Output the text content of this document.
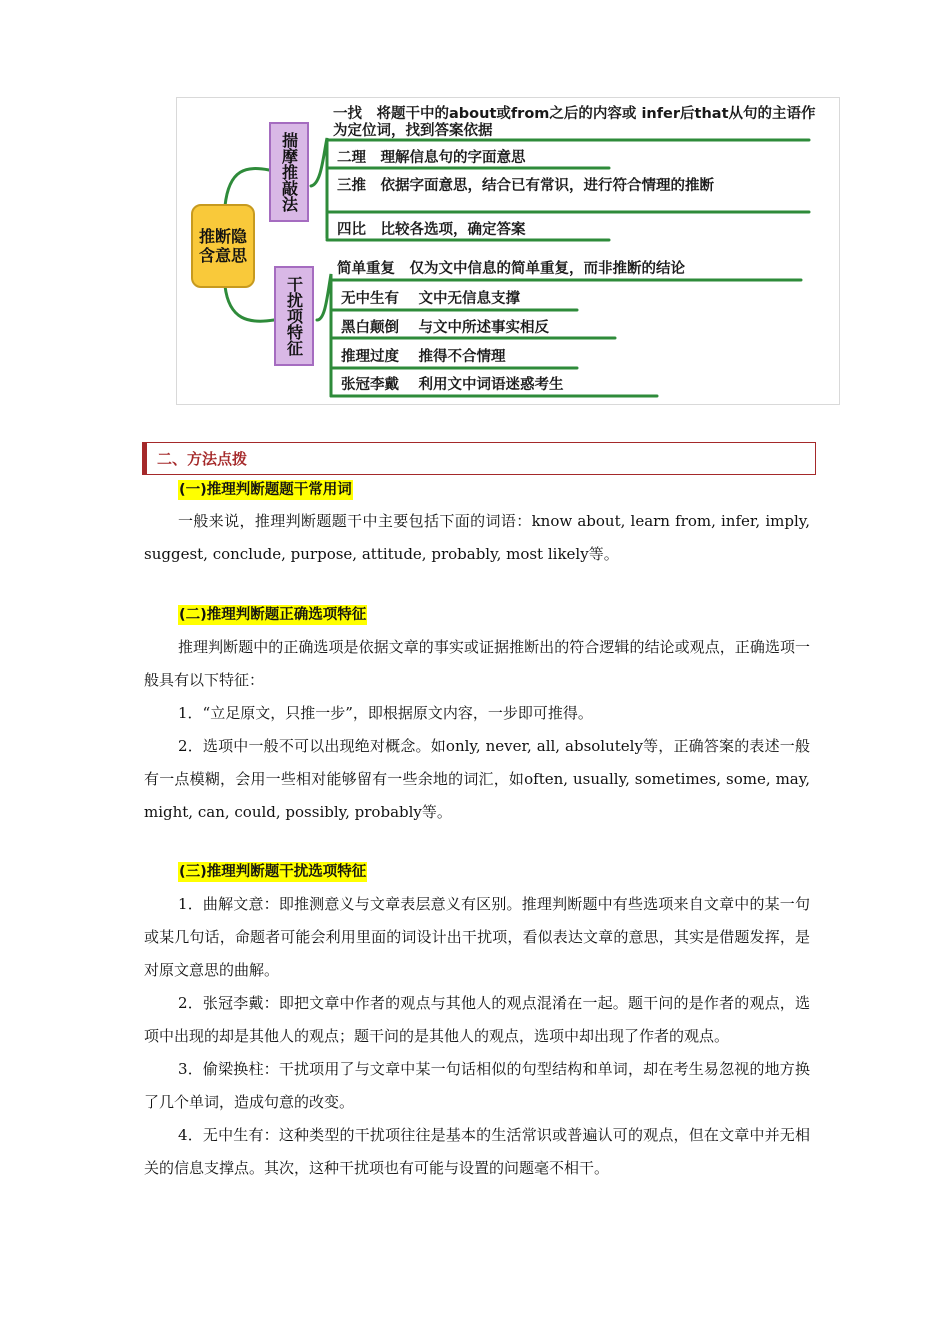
推断隐含意思
揣摩推敲法
干扰项特征
一找　将题干中的about或from之后的内容或 infer后that从句的主语作为定位词，找到答案依据
二理　理解信息句的字面意思
三推　依据字面意思，结合已有常识，进行符合情理的推断
四比　比较各选项，确定答案
简单重复　仅为文中信息的简单重复，而非推断的结论
无中生有　 文中无信息支撑
黑白颠倒　 与文中所述事实相反
推理过度　 推得不合情理
张冠李戴　 利用文中词语迷惑考生
二、方法点拨
(一)推理判断题题干常用词

一般来说，推理判断题题干中主要包括下面的词语：know about, learn from, infer, imply, suggest, conclude, purpose, attitude, probably, most likely等。

(二)推理判断题正确选项特征

推理判断题中的正确选项是依据文章的事实或证据推断出的符合逻辑的结论或观点，正确选项一般具有以下特征：

1．“立足原文，只推一步”，即根据原文内容，一步即可推得。

2．选项中一般不可以出现绝对概念。如only, never, all, absolutely等，正确答案的表述一般有一点模糊，会用一些相对能够留有一些余地的词汇，如often, usually, sometimes, some, may, might, can, could, possibly, probably等。

(三)推理判断题干扰选项特征

1．曲解文意：即推测意义与文章表层意义有区别。推理判断题中有些选项来自文章中的某一句或某几句话，命题者可能会利用里面的词设计出干扰项，看似表达文章的意思，其实是借题发挥，是对原文意思的曲解。

2．张冠李戴：即把文章中作者的观点与其他人的观点混淆在一起。题干问的是作者的观点，选项中出现的却是其他人的观点；题干问的是其他人的观点，选项中却出现了作者的观点。

3．偷梁换柱：干扰项用了与文章中某一句话相似的句型结构和单词，却在考生易忽视的地方换了几个单词，造成句意的改变。

4．无中生有：这种类型的干扰项往往是基本的生活常识或普遍认可的观点，但在文章中并无相关的信息支撑点。其次，这种干扰项也有可能与设置的问题毫不相干。
